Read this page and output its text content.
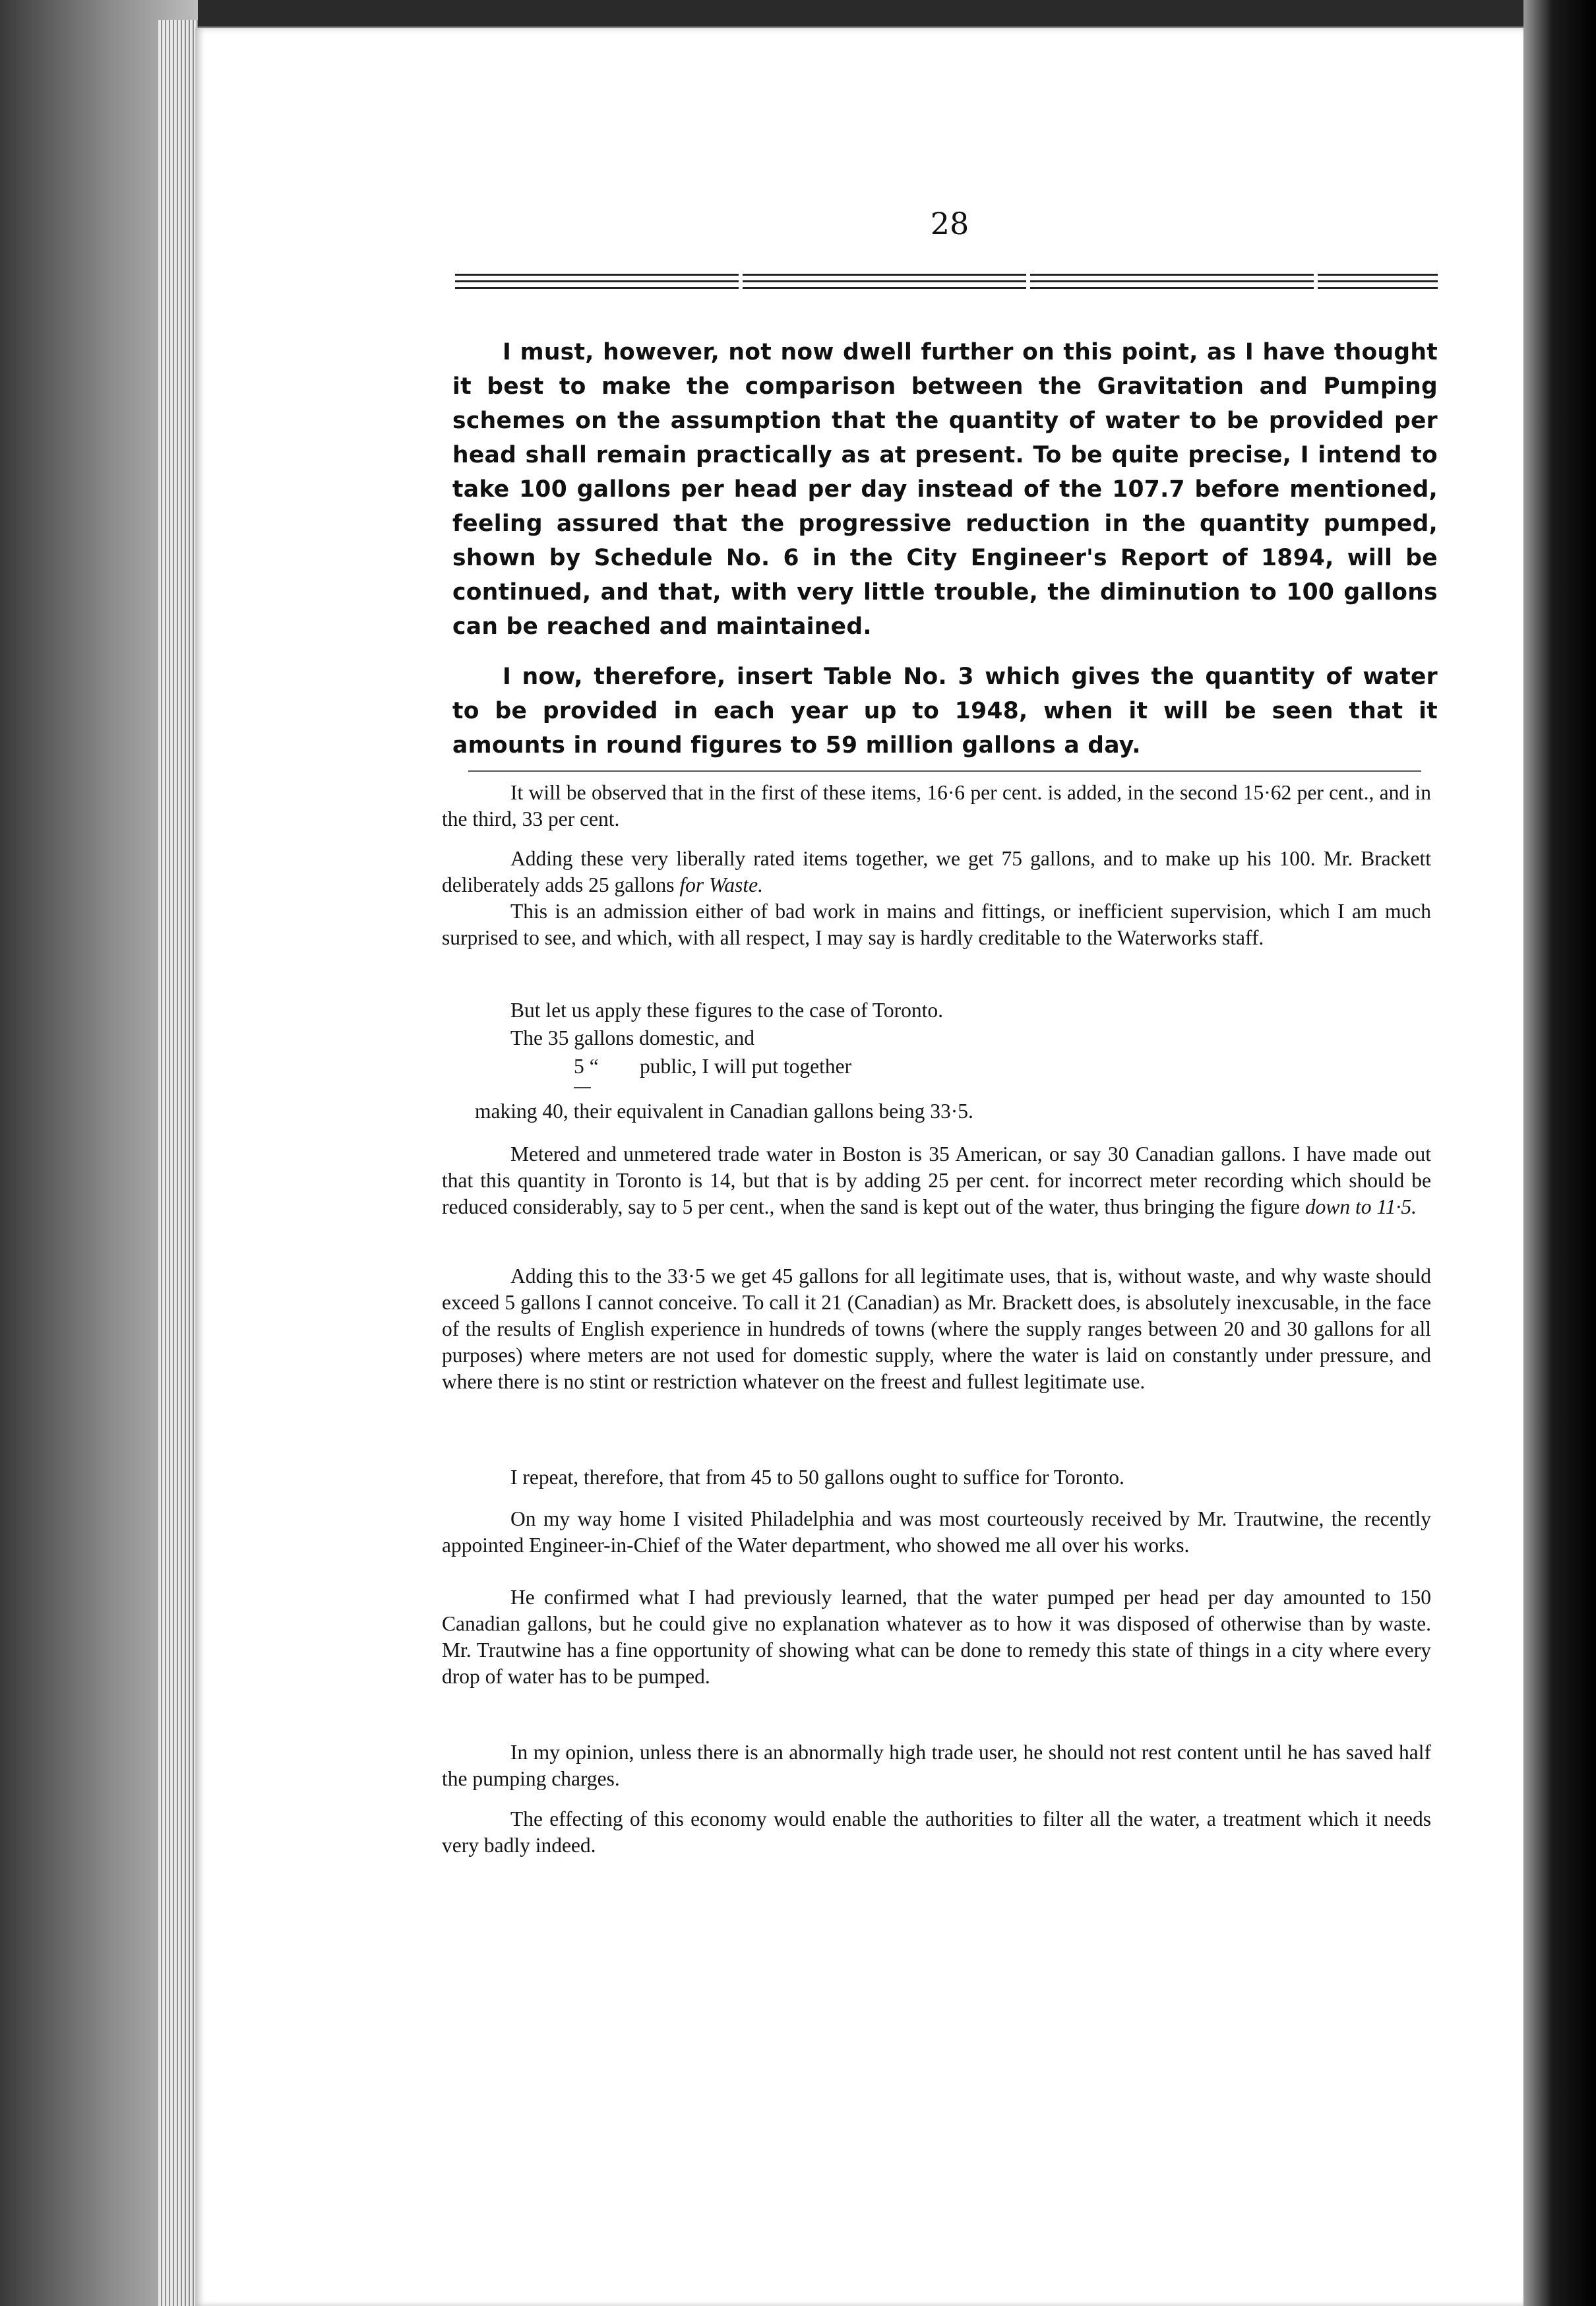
28

I must, however, not now dwell further on this point, as I have thought it best to make the comparison between the Gravitation and Pumping schemes on the assumption that the quantity of water to be provided per head shall remain practically as at present. To be quite precise, I intend to take 100 gallons per head per day instead of the 107.7 before mentioned, feeling assured that the progressive reduction in the quantity pumped, shown by Schedule No. 6 in the City Engineer's Report of 1894, will be continued, and that, with very little trouble, the diminution to 100 gallons can be reached and maintained.

I now, therefore, insert Table No. 3 which gives the quantity of water to be provided in each year up to 1948, when it will be seen that it amounts in round figures to 59 million gallons a day.

It will be observed that in the first of these items, 16·6 per cent. is added, in the second 15·62 per cent., and in the third, 33 per cent.

Adding these very liberally rated items together, we get 75 gallons, and to make up his 100. Mr. Brackett deliberately adds 25 gallons for Waste.

This is an admission either of bad work in mains and fittings, or inefficient supervision, which I am much surprised to see, and which, with all respect, I may say is hardly creditable to the Waterworks staff.

But let us apply these figures to the case of Toronto.

The 35 gallons domestic, and

5 “ public, I will put together

making 40, their equivalent in Canadian gallons being 33·5.

Metered and unmetered trade water in Boston is 35 American, or say 30 Canadian gallons. I have made out that this quantity in Toronto is 14, but that is by adding 25 per cent. for incorrect meter recording which should be reduced considerably, say to 5 per cent., when the sand is kept out of the water, thus bringing the figure down to 11·5.

Adding this to the 33·5 we get 45 gallons for all legitimate uses, that is, without waste, and why waste should exceed 5 gallons I cannot conceive. To call it 21 (Canadian) as Mr. Brackett does, is absolutely inexcusable, in the face of the results of English experience in hundreds of towns (where the supply ranges between 20 and 30 gallons for all purposes) where meters are not used for domestic supply, where the water is laid on constantly under pressure, and where there is no stint or restriction whatever on the freest and fullest legitimate use.

I repeat, therefore, that from 45 to 50 gallons ought to suffice for Toronto.

On my way home I visited Philadelphia and was most courteously received by Mr. Trautwine, the recently appointed Engineer-in-Chief of the Water department, who showed me all over his works.

He confirmed what I had previously learned, that the water pumped per head per day amounted to 150 Canadian gallons, but he could give no explanation whatever as to how it was disposed of otherwise than by waste. Mr. Trautwine has a fine opportunity of showing what can be done to remedy this state of things in a city where every drop of water has to be pumped.

In my opinion, unless there is an abnormally high trade user, he should not rest content until he has saved half the pumping charges.

The effecting of this economy would enable the authorities to filter all the water, a treatment which it needs very badly indeed.
